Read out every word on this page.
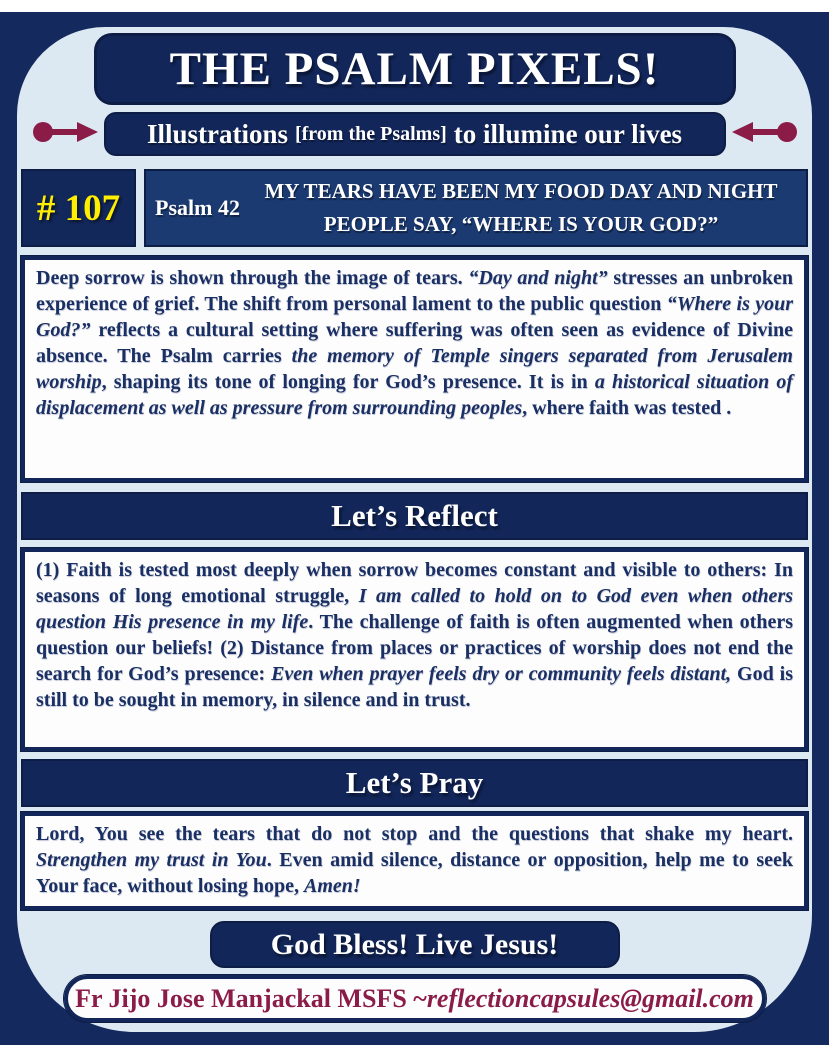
THE PSALM PIXELS!
Illustrations [from the Psalms] to illumine our lives
# 107	Psalm 42
MY TEARS HAVE BEEN MY FOOD DAY AND NIGHT
PEOPLE SAY, “WHERE IS YOUR GOD?”
Deep sorrow is shown through the image of tears. “Day and night” stresses an unbroken experience of grief. The shift from personal lament to the public question “Where is your God?” reflects a cultural setting where suffering was often seen as evidence of Divine absence. The Psalm carries the memory of Temple singers separated from Jerusalem worship, shaping its tone of longing for God’s presence. It is in a historical situation of displacement as well as pressure from surrounding peoples, where faith was tested .
Let’s Reflect
(1) Faith is tested most deeply when sorrow becomes constant and visible to others: In seasons of long emotional struggle, I am called to hold on to God even when others question His presence in my life. The challenge of faith is often augmented when others question our beliefs! (2) Distance from places or practices of worship does not end the search for God’s presence: Even when prayer feels dry or community feels distant, God is still to be sought in memory, in silence and in trust.
Let’s Pray
Lord, You see the tears that do not stop and the questions that shake my heart. Strengthen my trust in You. Even amid silence, distance or opposition, help me to seek Your face, without losing hope, Amen!
God Bless! Live Jesus!
Fr Jijo Jose Manjackal MSFS ~ reflectioncapsules@gmail.com
